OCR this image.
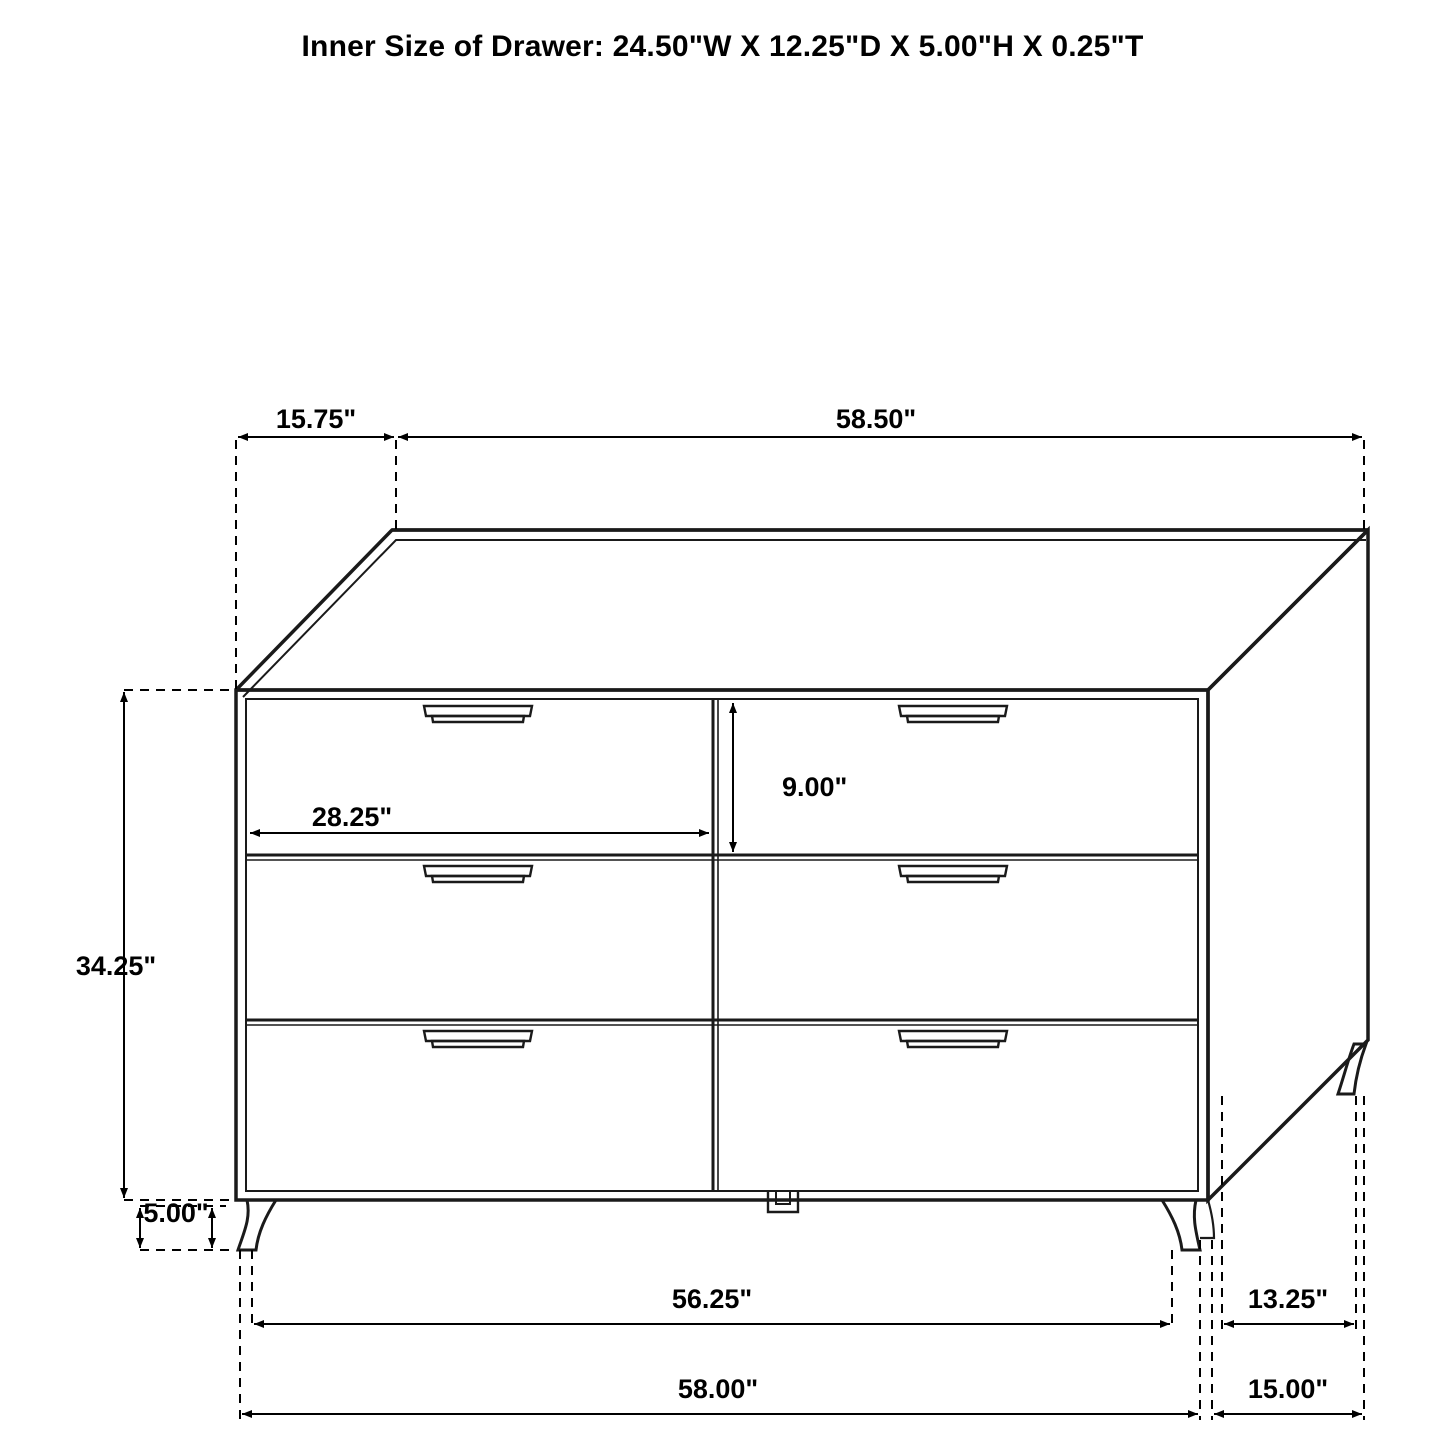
Inner Size of Drawer: 24.50"W X 12.25"D X 5.00"H X 0.25"T
15.75"	58.50"
28.25"
9.00"
34.25"
5.00"
56.25"	13.25"
58.00"	15.00"
